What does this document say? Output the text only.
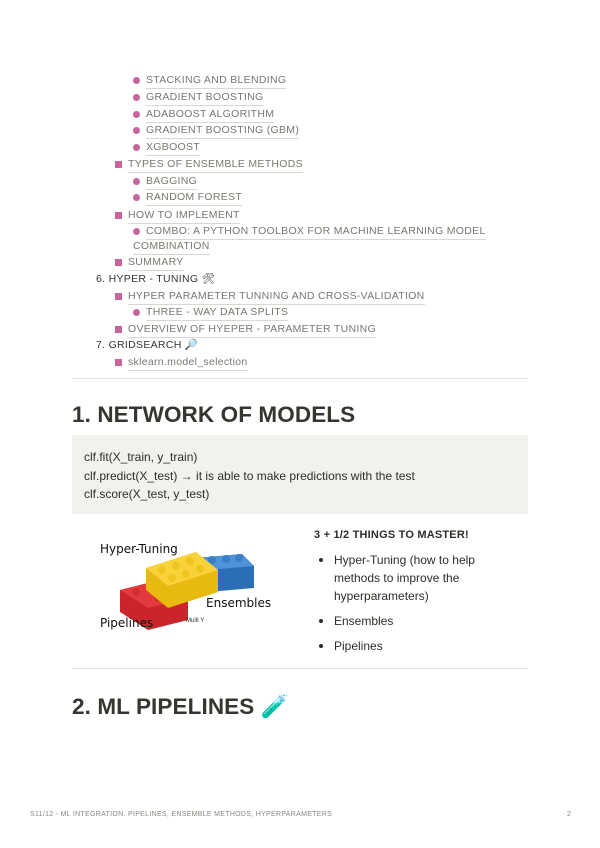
STACKING AND BLENDING
GRADIENT BOOSTING
ADABOOST ALGORITHM
GRADIENT BOOSTING (GBM)
XGBOOST
TYPES OF ENSEMBLE METHODS
BAGGING
RANDOM FOREST
HOW TO IMPLEMENT
COMBO: A PYTHON TOOLBOX FOR MACHINE LEARNING MODEL
COMBINATION
SUMMARY
6. HYPER - TUNING 🛠
HYPER PARAMETER TUNNING AND CROSS-VALIDATION
THREE - WAY DATA SPLITS
OVERVIEW OF HYEPER - PARAMETER TUNING
7. GRIDSEARCH 🔎
sklearn.model_selection
1. NETWORK OF MODELS
clf.fit(X_train, y_train)
clf.predict(X_test) → it is able to make predictions with the test
clf.score(X_test, y_test)
Hyper-Tuning
Ensembles
Pipelines	MullI Y
3 + 1/2 THINGS TO MASTER!
Hyper-Tuning (how to help methods to improve the hyperparameters)
Ensembles
Pipelines
2. ML PIPELINES 🧪
S11/12 - ML INTEGRATION. PIPELINES, ENSEMBLE METHODS, HYPERPARAMETERS	2
